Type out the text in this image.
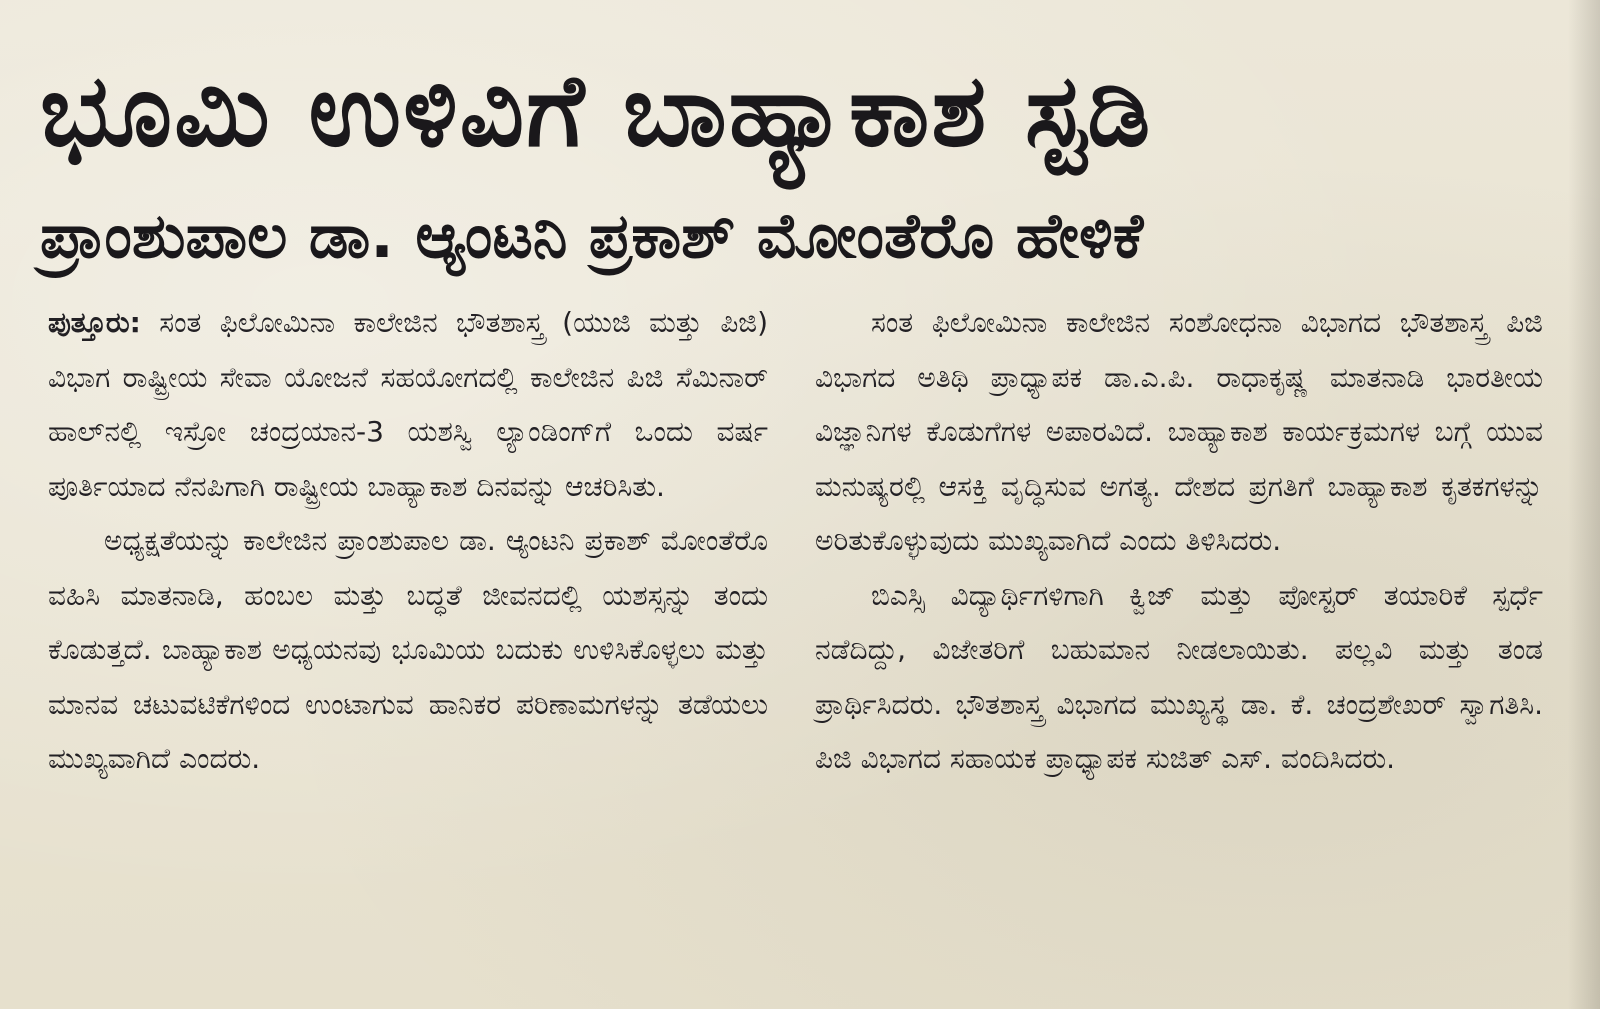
ಭೂಮಿ ಉಳಿವಿಗೆ ಬಾಹ್ಯಾಕಾಶ ಸ್ಟಡಿ
ಪ್ರಾಂಶುಪಾಲ ಡಾ. ಆ್ಯಂಟನಿ ಪ್ರಕಾಶ್ ಮೋಂತೆರೊ ಹೇಳಿಕೆ

ಪುತ್ತೂರು: ಸಂತ ಫಿಲೋಮಿನಾ ಕಾಲೇಜಿನ ಭೌತಶಾಸ್ತ್ರ (ಯುಜಿ ಮತ್ತು ಪಿಜಿ) ವಿಭಾಗ ರಾಷ್ಟ್ರೀಯ ಸೇವಾ ಯೋಜನೆ ಸಹಯೋಗದಲ್ಲಿ ಕಾಲೇಜಿನ ಪಿಜಿ ಸೆಮಿನಾರ್ ಹಾಲ್‌ನಲ್ಲಿ ಇಸ್ರೋ ಚಂದ್ರಯಾನ-3 ಯಶಸ್ವಿ ಲ್ಯಾಂಡಿಂಗ್‌ಗೆ ಒಂದು ವರ್ಷ ಪೂರ್ತಿಯಾದ ನೆನಪಿಗಾಗಿ ರಾಷ್ಟ್ರೀಯ ಬಾಹ್ಯಾಕಾಶ ದಿನವನ್ನು ಆಚರಿಸಿತು.

ಅಧ್ಯಕ್ಷತೆಯನ್ನು ಕಾಲೇಜಿನ ಪ್ರಾಂಶುಪಾಲ ಡಾ. ಆ್ಯಂಟನಿ ಪ್ರಕಾಶ್ ಮೋಂತೆರೊ ವಹಿಸಿ ಮಾತನಾಡಿ, ಹಂಬಲ ಮತ್ತು ಬದ್ಧತೆ ಜೀವನದಲ್ಲಿ ಯಶಸ್ಸನ್ನು ತಂದು ಕೊಡುತ್ತದೆ. ಬಾಹ್ಯಾಕಾಶ ಅಧ್ಯಯನವು ಭೂಮಿಯ ಬದುಕು ಉಳಿಸಿಕೊಳ್ಳಲು ಮತ್ತು ಮಾನವ ಚಟುವಟಿಕೆಗಳಿಂದ ಉಂಟಾಗುವ ಹಾನಿಕರ ಪರಿಣಾಮಗಳನ್ನು ತಡೆಯಲು ಮುಖ್ಯವಾಗಿದೆ ಎಂದರು.

ಸಂತ ಫಿಲೋಮಿನಾ ಕಾಲೇಜಿನ ಸಂಶೋಧನಾ ವಿಭಾಗದ ಭೌತಶಾಸ್ತ್ರ ಪಿಜಿ ವಿಭಾಗದ ಅತಿಥಿ ಪ್ರಾಧ್ಯಾಪಕ ಡಾ.ಎ.ಪಿ. ರಾಧಾಕೃಷ್ಣ ಮಾತನಾಡಿ ಭಾರತೀಯ ವಿಜ್ಞಾನಿಗಳ ಕೊಡುಗೆಗಳ ಅಪಾರವಿದೆ. ಬಾಹ್ಯಾಕಾಶ ಕಾರ್ಯಕ್ರಮಗಳ ಬಗ್ಗೆ ಯುವ ಮನುಷ್ಯರಲ್ಲಿ ಆಸಕ್ತಿ ವೃದ್ಧಿಸುವ ಅಗತ್ಯ. ದೇಶದ ಪ್ರಗತಿಗೆ ಬಾಹ್ಯಾಕಾಶ ಕೃತಕಗಳನ್ನು ಅರಿತುಕೊಳ್ಳುವುದು ಮುಖ್ಯವಾಗಿದೆ ಎಂದು ತಿಳಿಸಿದರು.

ಬಿಎಸ್ಸಿ ವಿದ್ಯಾರ್ಥಿಗಳಿಗಾಗಿ ಕ್ವಿಜ್ ಮತ್ತು ಪೋಸ್ಟರ್ ತಯಾರಿಕೆ ಸ್ಪರ್ಧೆ ನಡೆದಿದ್ದು, ವಿಜೇತರಿಗೆ ಬಹುಮಾನ ನೀಡಲಾಯಿತು. ಪಲ್ಲವಿ ಮತ್ತು ತಂಡ ಪ್ರಾರ್ಥಿಸಿದರು. ಭೌತಶಾಸ್ತ್ರ ವಿಭಾಗದ ಮುಖ್ಯಸ್ಥ ಡಾ. ಕೆ. ಚಂದ್ರಶೇಖರ್ ಸ್ವಾಗತಿಸಿ. ಪಿಜಿ ವಿಭಾಗದ ಸಹಾಯಕ ಪ್ರಾಧ್ಯಾಪಕ ಸುಜಿತ್ ಎಸ್. ವಂದಿಸಿದರು.
